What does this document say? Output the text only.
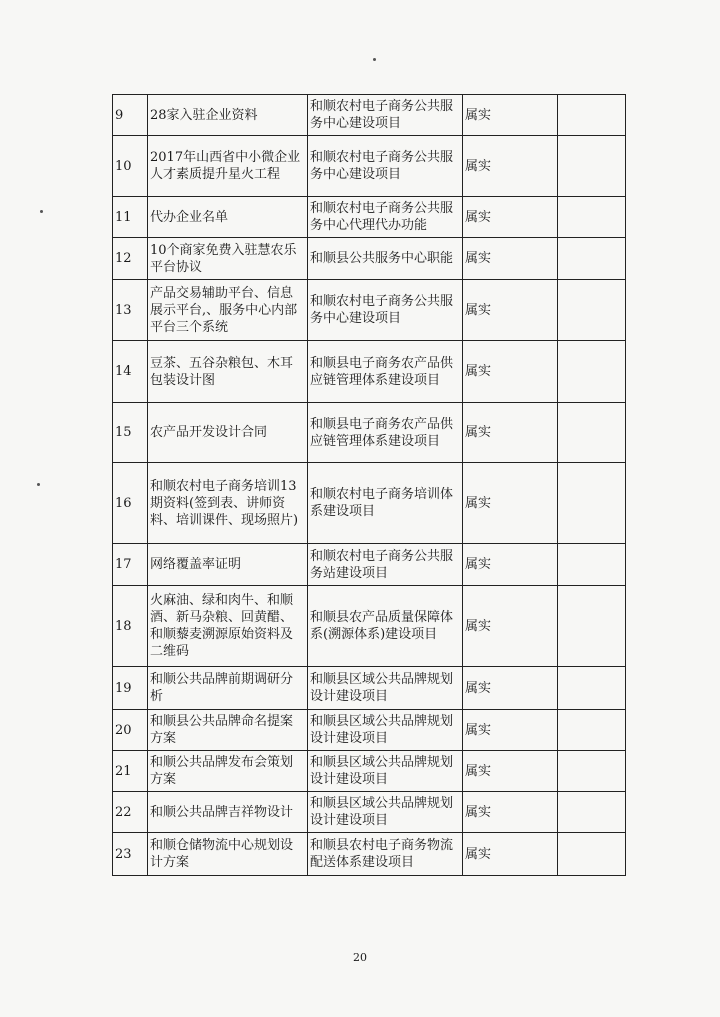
9	28家入驻企业资料	和顺农村电子商务公共服务中心建设项目	属实	
10	2017年山西省中小微企业人才素质提升星火工程	和顺农村电子商务公共服务中心建设项目	属实	
11	代办企业名单	和顺农村电子商务公共服务中心代理代办功能	属实	
12	10个商家免费入驻慧农乐平台协议	和顺县公共服务中心职能	属实	
13	产品交易辅助平台、信息展示平台,、服务中心内部平台三个系统	和顺农村电子商务公共服务中心建设项目	属实	
14	豆茶、五谷杂粮包、木耳包装设计图	和顺县电子商务农产品供应链管理体系建设项目	属实	
15	农产品开发设计合同	和顺县电子商务农产品供应链管理体系建设项目	属实	
16	和顺农村电子商务培训13期资料(签到表、讲师资料、培训课件、现场照片)	和顺农村电子商务培训体系建设项目	属实	
17	网络覆盖率证明	和顺农村电子商务公共服务站建设项目	属实	
18	火麻油、绿和肉牛、和顺酒、新马杂粮、回黄醋、和顺藜麦溯源原始资料及二维码	和顺县农产品质量保障体系(溯源体系)建设项目	属实	
19	和顺公共品牌前期调研分析	和顺县区域公共品牌规划设计建设项目	属实	
20	和顺县公共品牌命名提案方案	和顺县区域公共品牌规划设计建设项目	属实	
21	和顺公共品牌发布会策划方案	和顺县区域公共品牌规划设计建设项目	属实	
22	和顺公共品牌吉祥物设计	和顺县区域公共品牌规划设计建设项目	属实	
23	和顺仓储物流中心规划设计方案	和顺县农村电子商务物流配送体系建设项目	属实	
20
